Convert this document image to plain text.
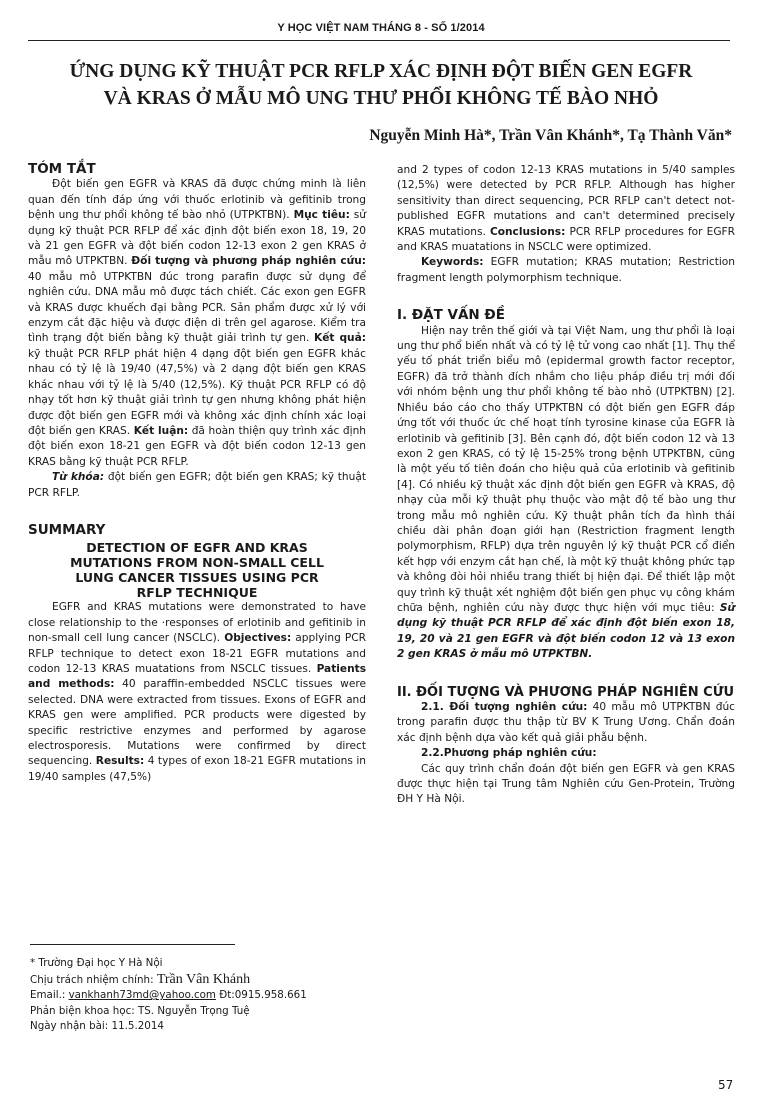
Y HỌC VIỆT NAM THÁNG 8 - SỐ 1/2014
ỨNG DỤNG KỸ THUẬT PCR RFLP XÁC ĐỊNH ĐỘT BIẾN GEN EGFR
VÀ KRAS Ở MẪU MÔ UNG THƯ PHỔI KHÔNG TẾ BÀO NHỎ
Nguyễn Minh Hà*, Trần Vân Khánh*, Tạ Thành Văn*

TÓM TẮT

Đột biến gen EGFR và KRAS đã được chứng minh là liên quan đến tính đáp ứng với thuốc erlotinib và gefitinib trong bệnh ung thư phổi không tế bào nhỏ (UTPKTBN). Mục tiêu: sử dụng kỹ thuật PCR RFLP để xác định đột biến exon 18, 19, 20 và 21 gen EGFR và đột biến codon 12-13 exon 2 gen KRAS ở mẫu mô UTPKTBN. Đối tượng và phương pháp nghiên cứu: 40 mẫu mô UTPKTBN đúc trong parafin được sử dụng để nghiên cứu. DNA mẫu mô được tách chiết. Các exon gen EGFR và KRAS được khuếch đại bằng PCR. Sản phẩm được xử lý với enzym cắt đặc hiệu và được điện di trên gel agarose. Kiểm tra tình trạng đột biến bằng kỹ thuật giải trình tự gen. Kết quả: kỹ thuật PCR RFLP phát hiện 4 dạng đột biến gen EGFR khác nhau có tỷ lệ là 19/40 (47,5%) và 2 dạng đột biến gen KRAS khác nhau với tỷ lệ là 5/40 (12,5%). Kỹ thuật PCR RFLP có độ nhạy tốt hơn kỹ thuật giải trình tự gen nhưng không phát hiện được đột biến gen EGFR mới và không xác định chính xác loại đột biến gen KRAS. Kết luận: đã hoàn thiện quy trình xác định đột biến exon 18-21 gen EGFR và đột biến codon 12-13 gen KRAS bằng kỹ thuật PCR RFLP.

Từ khóa: đột biến gen EGFR; đột biến gen KRAS; kỹ thuật PCR RFLP.

SUMMARY

DETECTION OF EGFR AND KRAS
MUTATIONS FROM NON-SMALL CELL
LUNG CANCER TISSUES USING PCR
RFLP TECHNIQUE

EGFR and KRAS mutations were demonstrated to have close relationship to the ·responses of erlotinib and gefitinib in non-small cell lung cancer (NSCLC). Objectives: applying PCR RFLP technique to detect exon 18-21 EGFR mutations and codon 12-13 KRAS muatations from NSCLC tissues. Patients and methods: 40 paraffin-embedded NSCLC tissues were selected. DNA were extracted from tissues. Exons of EGFR and KRAS gen were amplified. PCR products were digested by specific restrictive enzymes and performed by agarose electrosporesis. Mutations were confirmed by direct sequencing. Results: 4 types of exon 18-21 EGFR mutations in 19/40 samples (47,5%)

* Trường Đại học Y Hà Nội
Chịu trách nhiệm chính: Trần Vân Khánh
Email.: vankhanh73md@yahoo.com Đt:0915.958.661
Phản biện khoa học: TS. Nguyễn Trọng Tuệ
Ngày nhận bài: 11.5.2014

and 2 types of codon 12-13 KRAS mutations in 5/40 samples (12,5%) were detected by PCR RFLP. Although has higher sensitivity than direct sequencing, PCR RFLP can't detect not-published EGFR mutations and can't determined precisely KRAS mutations. Conclusions: PCR RFLP procedures for EGFR and KRAS muatations in NSCLC were optimized.

Keywords: EGFR mutation; KRAS mutation; Restriction fragment length polymorphism technique.

I. ĐẶT VẤN ĐỀ

Hiện nay trên thế giới và tại Việt Nam, ung thư phổi là loại ung thư phổ biến nhất và có tỷ lệ tử vong cao nhất [1]. Thụ thể yếu tố phát triển biểu mô (epidermal growth factor receptor, EGFR) đã trở thành đích nhắm cho liệu pháp điều trị mới đối với nhóm bệnh ung thư phổi không tế bào nhỏ (UTPKTBN) [2]. Nhiều báo cáo cho thấy UTPKTBN có đột biến gen EGFR đáp ứng tốt với thuốc ức chế hoạt tính tyrosine kinase của EGFR là erlotinib và gefitinib [3]. Bên cạnh đó, đột biến codon 12 và 13 exon 2 gen KRAS, có tỷ lệ 15-25% trong bệnh UTPKTBN, cũng là một yếu tố tiên đoán cho hiệu quả của erlotinib và gefitinib [4]. Có nhiều kỹ thuật xác định đột biến gen EGFR và KRAS, độ nhạy của mỗi kỹ thuật phụ thuộc vào mật độ tế bào ung thư trong mẫu mô nghiên cứu. Kỹ thuật phân tích đa hình thái chiều dài phân đoạn giới hạn (Restriction fragment length polymorphism, RFLP) dựa trên nguyên lý kỹ thuật PCR cổ điển kết hợp với enzym cắt hạn chế, là một kỹ thuật không phức tạp và không đòi hỏi nhiều trang thiết bị hiện đại. Để thiết lập một quy trình kỹ thuật xét nghiệm đột biến gen phục vụ công khám chữa bệnh, nghiên cứu này được thực hiện với mục tiêu: Sử dụng kỹ thuật PCR RFLP để xác định đột biến exon 18, 19, 20 và 21 gen EGFR và đột biến codon 12 và 13 exon 2 gen KRAS ở mẫu mô UTPKTBN.

II. ĐỐI TƯỢNG VÀ PHƯƠNG PHÁP NGHIÊN CỨU

2.1. Đối tượng nghiên cứu: 40 mẫu mô UTPKTBN đúc trong parafin được thu thập từ BV K Trung Ương. Chẩn đoán xác định bệnh dựa vào kết quả giải phẫu bệnh.

2.2.Phương pháp nghiên cứu:

Các quy trình chẩn đoán đột biến gen EGFR và gen KRAS được thực hiện tại Trung tâm Nghiên cứu Gen-Protein, Trường ĐH Y Hà Nội.

57
